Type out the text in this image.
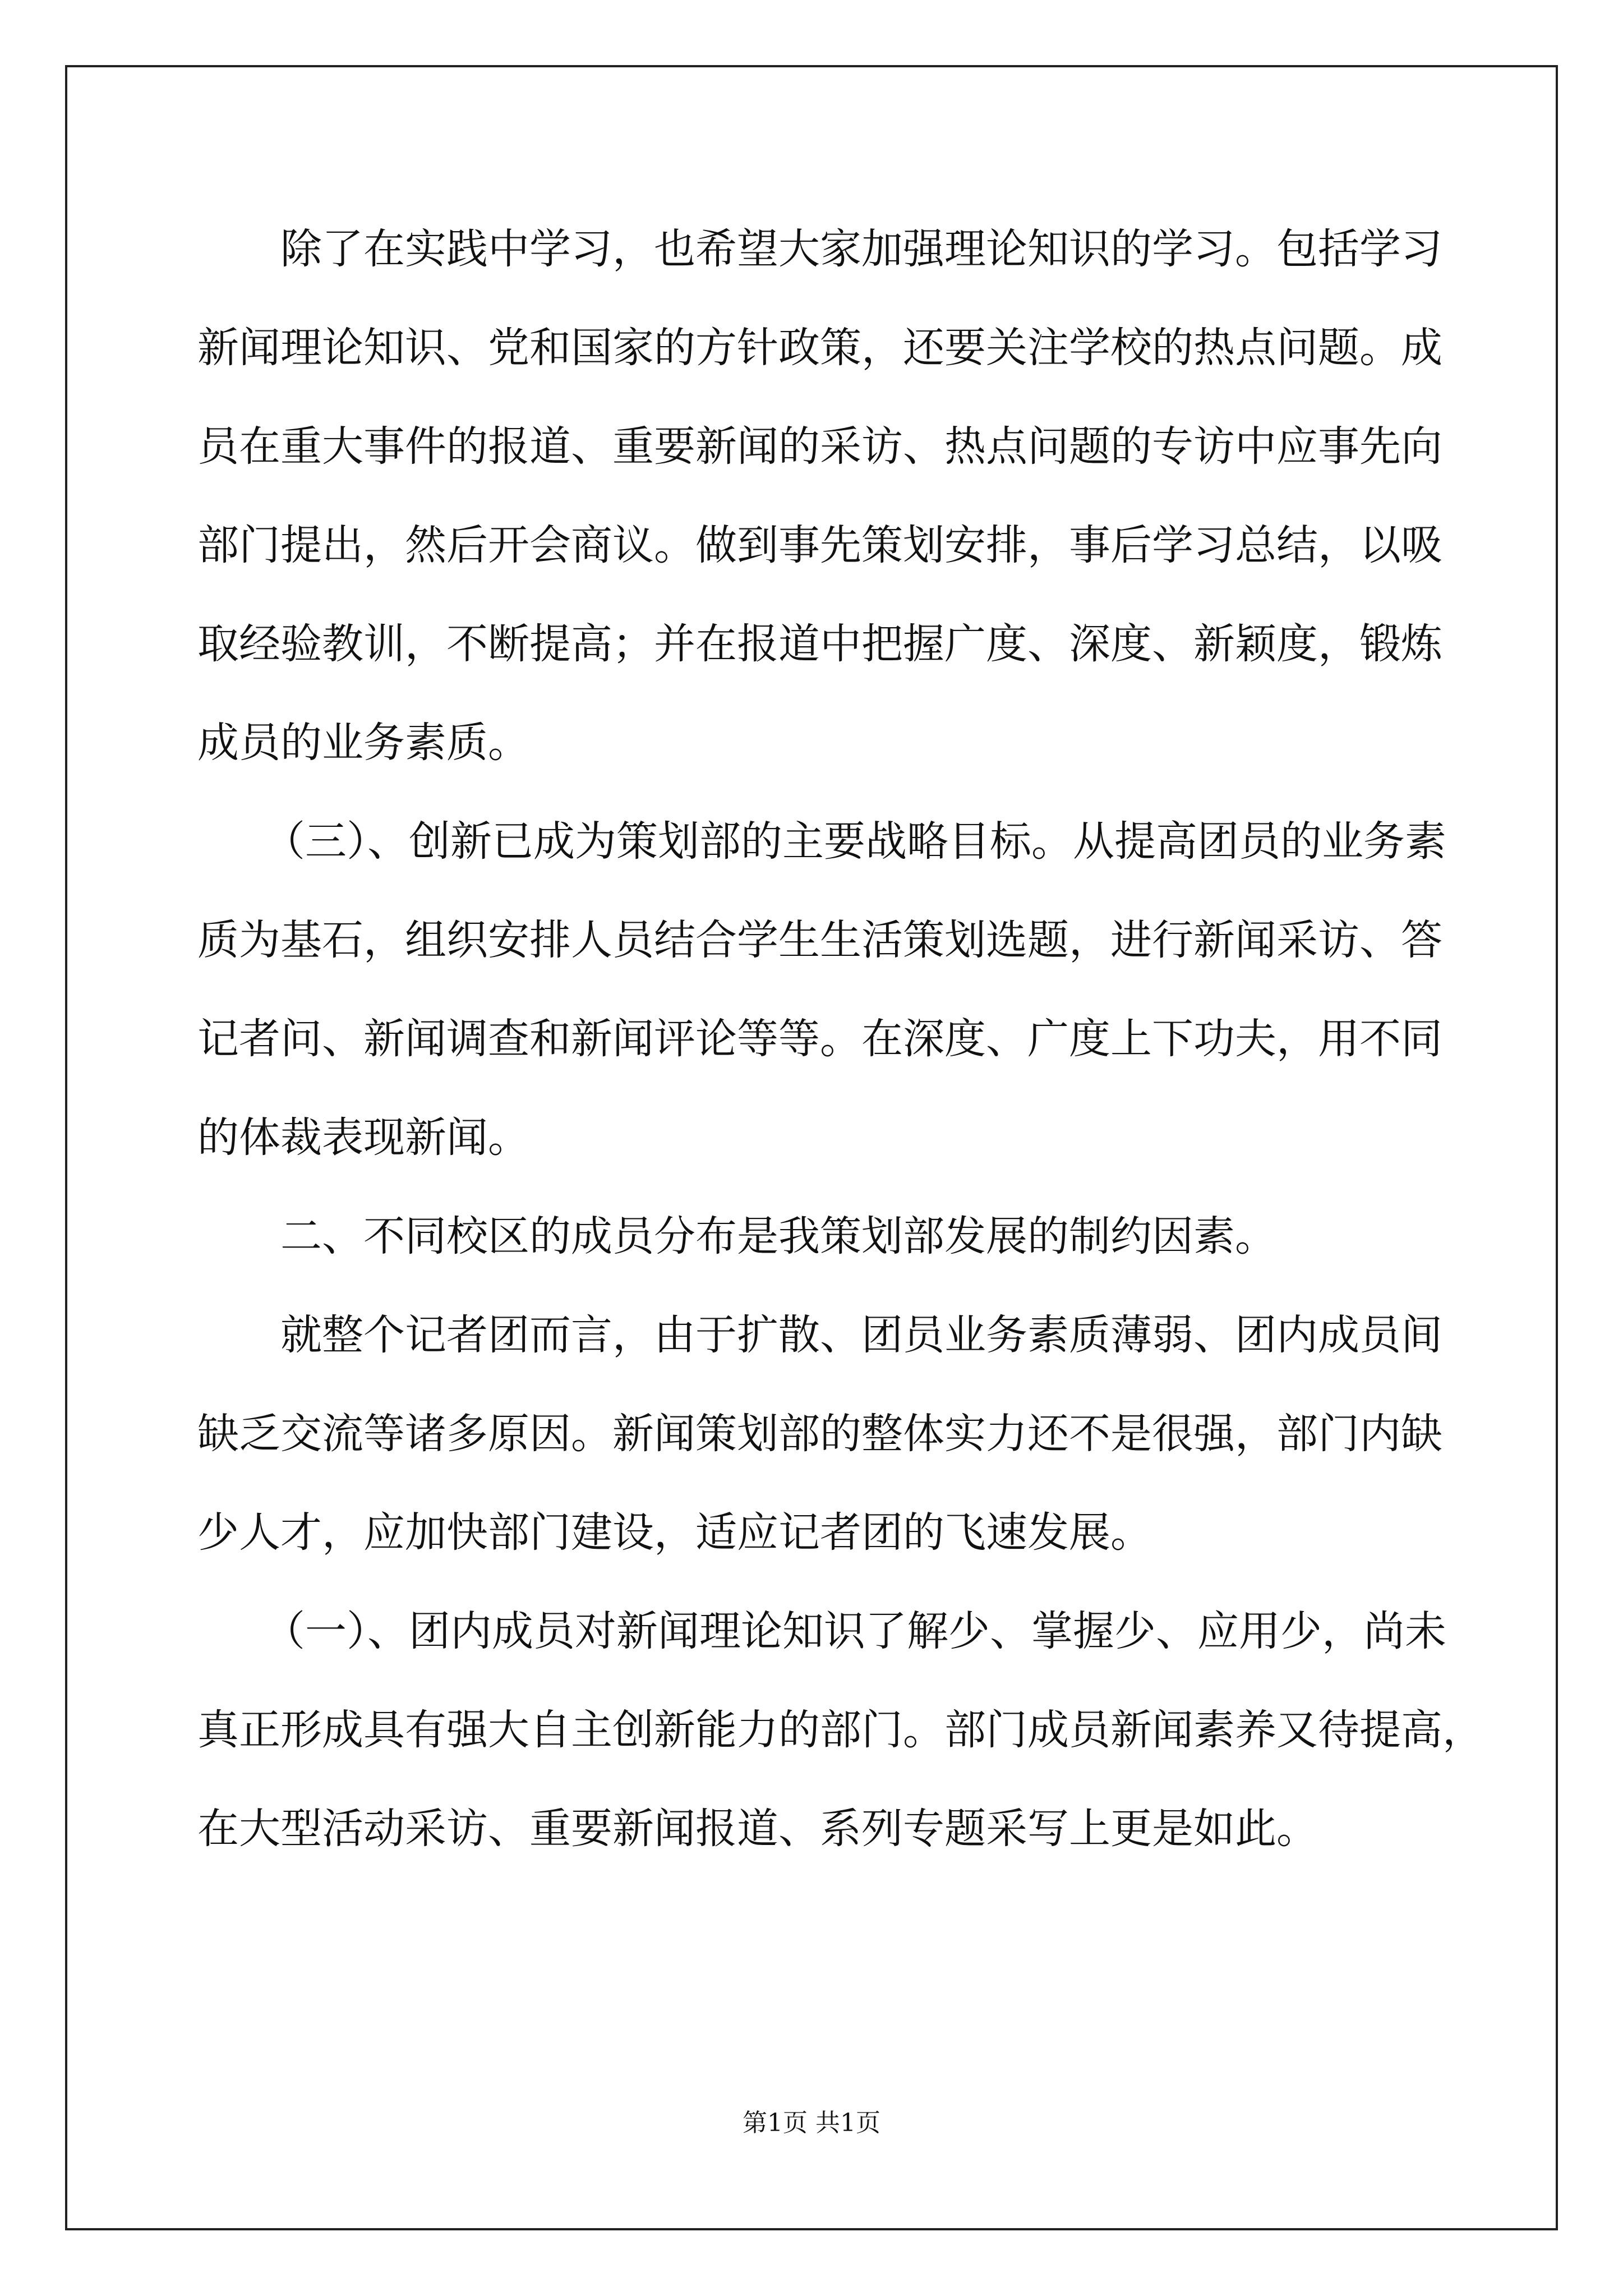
除了在实践中学习，也希望大家加强理论知识的学习。包括学习
新闻理论知识、党和国家的方针政策，还要关注学校的热点问题。成
员在重大事件的报道、重要新闻的采访、热点问题的专访中应事先向
部门提出，然后开会商议。做到事先策划安排，事后学习总结，以吸
取经验教训，不断提高；并在报道中把握广度、深度、新颖度，锻炼
成员的业务素质。
（三）、创新已成为策划部的主要战略目标。从提高团员的业务素
质为基石，组织安排人员结合学生生活策划选题，进行新闻采访、答
记者问、新闻调查和新闻评论等等。在深度、广度上下功夫，用不同
的体裁表现新闻。
二、不同校区的成员分布是我策划部发展的制约因素。
就整个记者团而言，由于扩散、团员业务素质薄弱、团内成员间
缺乏交流等诸多原因。新闻策划部的整体实力还不是很强，部门内缺
少人才，应加快部门建设，适应记者团的飞速发展。
（一）、团内成员对新闻理论知识了解少、掌握少、应用少，尚未
真正形成具有强大自主创新能力的部门。部门成员新闻素养又待提高，
在大型活动采访、重要新闻报道、系列专题采写上更是如此。
第1页 共1页
